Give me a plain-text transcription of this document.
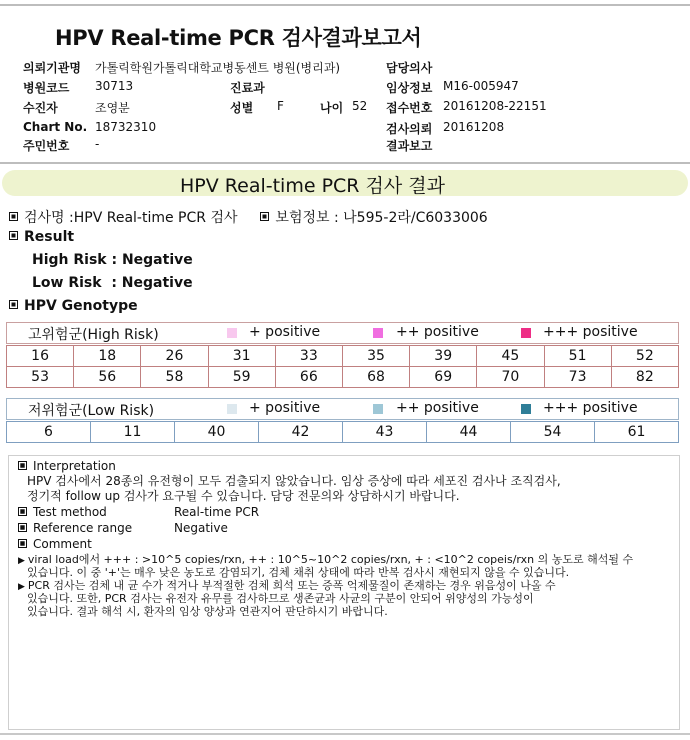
HPV Real-time PCR 검사결과보고서
의뢰기관명 가톨릭학원가톨릭대학교병동센트 병원(병리과)	담당의사
병원코드 30713	진료과	임상정보 M16-005947
수진자	조영분	성별 F	나이 52 접수번호 20161208-22151
Chart No. 18732310	검사의뢰 20161208
주민번호 -	결과보고
HPV Real-time PCR 검사 결과
검사명 :HPV Real-time PCR 검사	보험정보 : 나595-2라/C6033006
Result
High Risk : Negative
Low Risk  : Negative
HPV Genotype
고위험군(High Risk)	+ positive	++ positive	+++ positive
16	18	26	31	33	35	39	45	51	52
53	56	58	59	66	68	69	70	73	82
저위험군(Low Risk)	+ positive	++ positive	+++ positive
6	11	40	42	43	44	54	61
Interpretation
HPV 검사에서 28종의 유전형이 모두 검출되지 않았습니다. 임상 증상에 따라 세포진 검사나 조직검사,
정기적 follow up 검사가 요구될 수 있습니다. 담당 전문의와 상담하시기 바랍니다.
Test method	Real-time PCR
Reference range	Negative
Comment
▶ viral load에서 +++ : >10^5 copies/rxn, ++ : 10^5~10^2 copies/rxn, + : <10^2 copeis/rxn 의 농도로 해석될 수
있습니다. 이 중 '+'는 매우 낮은 농도로 감염되기, 검체 채취 상태에 따라 반복 검사시 재현되지 않을 수 있습니다.
▶ PCR 검사는 검체 내 균 수가 적거나 부적절한 검체 희석 또는 증폭 억제물질이 존재하는 경우 위음성이 나올 수
있습니다. 또한, PCR 검사는 유전자 유무를 검사하므로 생존균과 사균의 구분이 안되어 위양성의 가능성이
있습니다. 결과 해석 시, 환자의 임상 양상과 연관지어 판단하시기 바랍니다.
